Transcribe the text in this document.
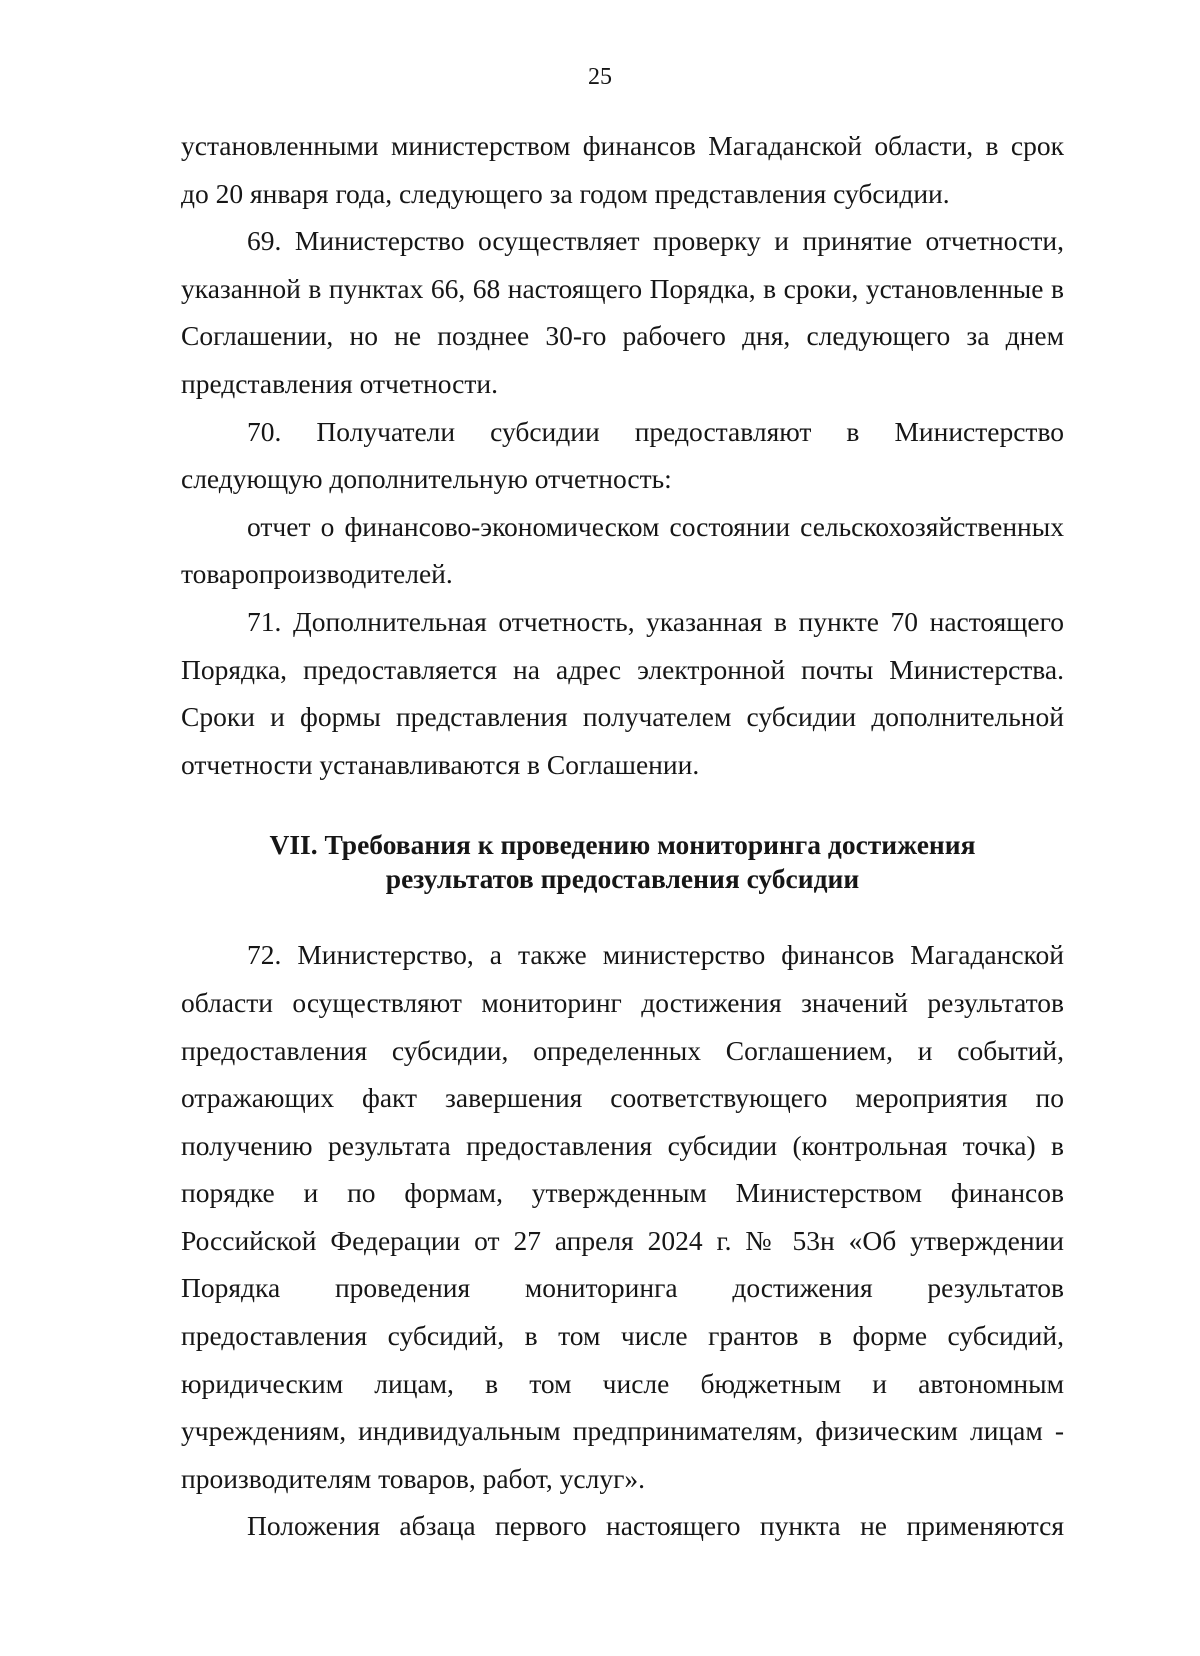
25

установленными министерством финансов Магаданской области, в срок до 20 января года, следующего за годом представления субсидии.

69. Министерство осуществляет проверку и принятие отчетности, указанной в пунктах 66, 68 настоящего Порядка, в сроки, установленные в Соглашении, но не позднее 30-го рабочего дня, следующего за днем представления отчетности.

70. Получатели субсидии предоставляют в Министерство следующую дополнительную отчетность:

отчет о финансово-экономическом состоянии сельскохозяйственных товаропроизводителей.

71. Дополнительная отчетность, указанная в пункте 70 настоящего Порядка, предоставляется на адрес электронной почты Министерства. Сроки и формы представления получателем субсидии дополнительной отчетности устанавливаются в Соглашении.

VII. Требования к проведению мониторинга достижения
результатов предоставления субсидии

72. Министерство, а также министерство финансов Магаданской области осуществляют мониторинг достижения значений результатов предоставления субсидии, определенных Соглашением, и событий, отражающих факт завершения соответствующего мероприятия по получению результата предоставления субсидии (контрольная точка) в порядке и по формам, утвержденным Министерством финансов Российской Федерации от 27 апреля 2024 г. № 53н «Об утверждении Порядка проведения мониторинга достижения результатов предоставления субсидий, в том числе грантов в форме субсидий, юридическим лицам, в том числе бюджетным и автономным учреждениям, индивидуальным предпринимателям, физическим лицам - производителям товаров, работ, услуг».

Положения абзаца первого настоящего пункта не применяются
